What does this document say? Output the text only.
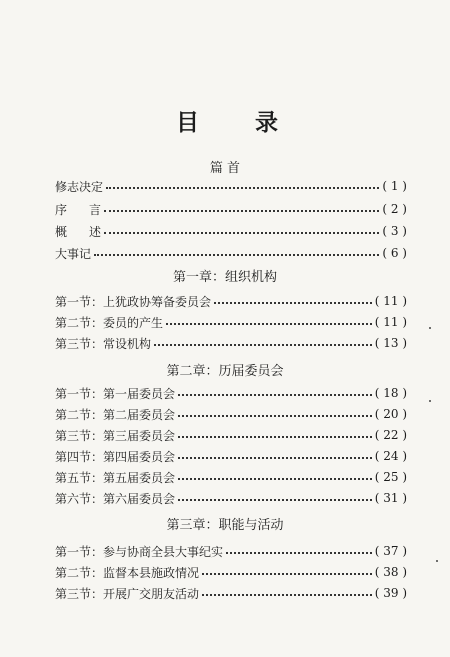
目 录
篇 首
修志决定	( 1 )
序 言	( 2 )
概 述	( 3 )
大事记	( 6 )
第一章：组织机构
第一节：上犹政协筹备委员会	( 11 )
第二节：委员的产生	( 11 )
第三节：常设机构	( 13 )
第二章：历届委员会
第一节：第一届委员会	( 18 )
第二节：第二届委员会	( 20 )
第三节：第三届委员会	( 22 )
第四节：第四届委员会	( 24 )
第五节：第五届委员会	( 25 )
第六节：第六届委员会	( 31 )
第三章：职能与活动
第一节：参与协商全县大事纪实	( 37 )
第二节：监督本县施政情况	( 38 )
第三节：开展广交朋友活动	( 39 )
